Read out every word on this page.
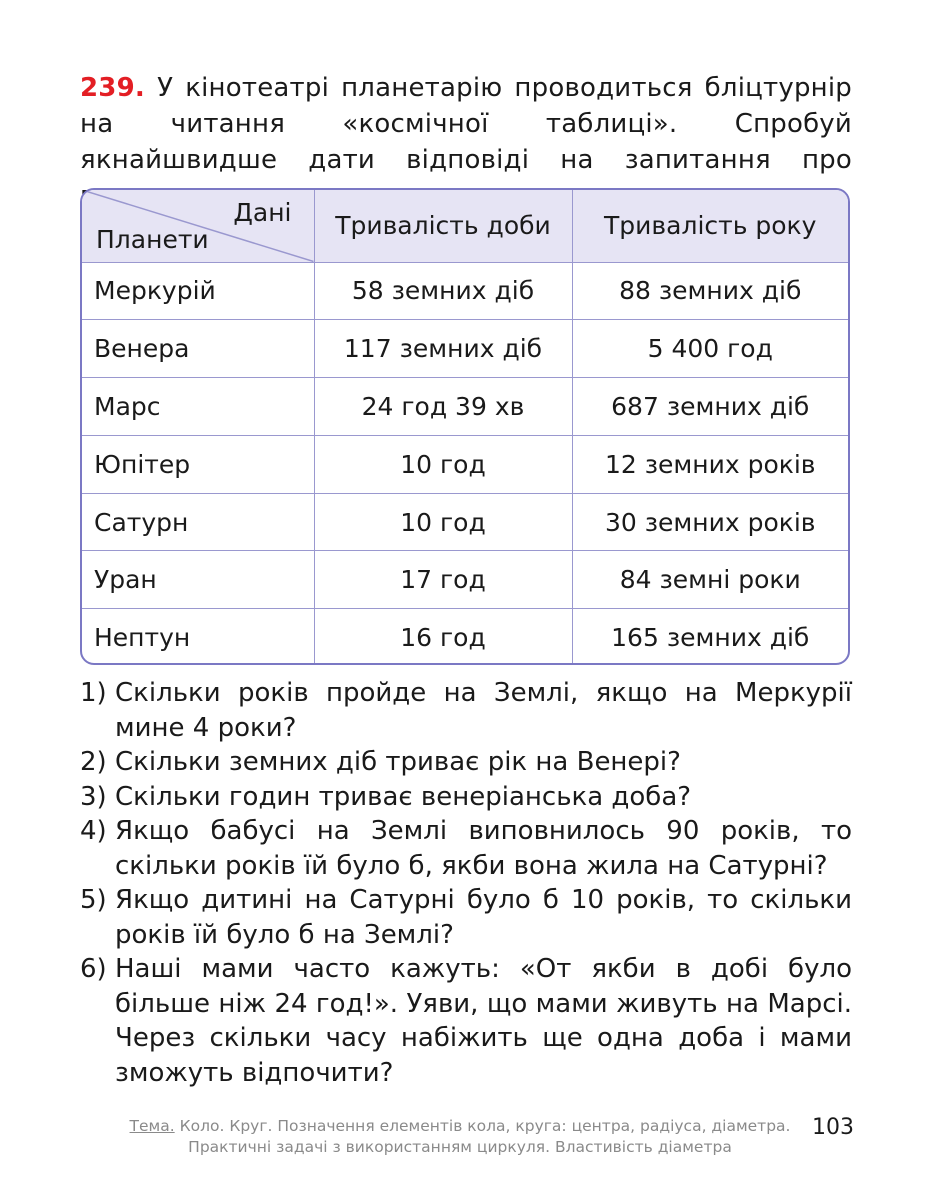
239. У кінотеатрі планетарію проводиться бліцтурнір на читання «космічної таблиці». Спробуй якнайшвидше дати відповіді на запитання про
Дані
Планети	Тривалість доби	Тривалість року
Меркурій	58 земних діб	88 земних діб
Венера	117 земних діб	5 400 год
Марс	24 год 39 хв	687 земних діб
Юпітер	10 год	12 земних років
Сатурн	10 год	30 земних років
Уран	17 год	84 земні роки
Нептун	16 год	165 земних діб
1) Скільки років пройде на Землі, якщо на Меркурії мине 4 роки?
2) Скільки земних діб триває рік на Венері?
3) Скільки годин триває венеріанська доба?
4) Якщо бабусі на Землі виповнилось 90 років, то скільки років їй було б, якби вона жила на Сатурні?
5) Якщо дитині на Сатурні було б 10 років, то скільки років їй було б на Землі?
6) Наші мами часто кажуть: «От якби в добі було більше ніж 24 год!». Уяви, що мами живуть на Марсі. Через скільки часу набіжить ще одна доба і мами зможуть відпочити?
Тема. Коло. Круг. Позначення елементів кола, круга: центра, радіуса, діаметра.
Практичні задачі з використанням циркуля. Властивість діаметра
103
